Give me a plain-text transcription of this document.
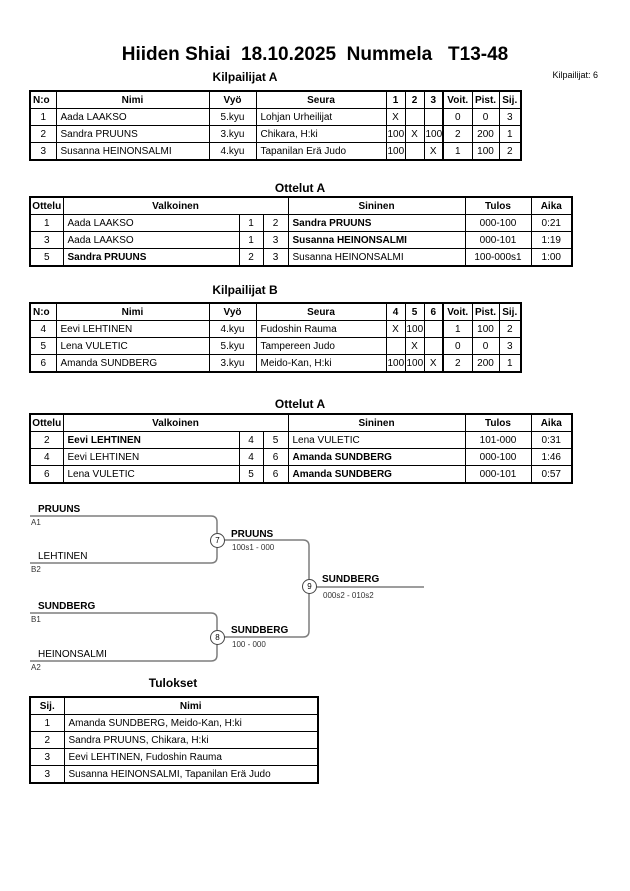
Hiiden Shiai  18.10.2025  Nummela   T13-48
Kilpailijat A	Kilpailijat: 6
N:o	Nimi	Vyö	Seura	1	2	3	Voit.	Pist.	Sij.
1	Aada LAAKSO	5.kyu	Lohjan Urheilijat	X			0	0	3
2	Sandra PRUUNS	3.kyu	Chikara, H:ki	100	X	100	2	200	1
3	Susanna HEINONSALMI	4.kyu	Tapanilan Erä Judo	100		X	1	100	2
Ottelut A
Ottelu	Valkoinen			Sininen	Tulos	Aika
1	Aada LAAKSO	1	2	Sandra PRUUNS	000-100	0:21
3	Aada LAAKSO	1	3	Susanna HEINONSALMI	000-101	1:19
5	Sandra PRUUNS	2	3	Susanna HEINONSALMI	100-000s1	1:00
Kilpailijat B
N:o	Nimi	Vyö	Seura	4	5	6	Voit.	Pist.	Sij.
4	Eevi LEHTINEN	4.kyu	Fudoshin Rauma	X	100		1	100	2
5	Lena VULETIC	5.kyu	Tampereen Judo		X		0	0	3
6	Amanda SUNDBERG	3.kyu	Meido-Kan, H:ki	100	100	X	2	200	1
Ottelut A
Ottelu	Valkoinen			Sininen	Tulos	Aika
2	Eevi LEHTINEN	4	5	Lena VULETIC	101-000	0:31
4	Eevi LEHTINEN	4	6	Amanda SUNDBERG	000-100	1:46
6	Lena VULETIC	5	6	Amanda SUNDBERG	000-101	0:57
PRUUNS
A1
LEHTINEN
B2
SUNDBERG
B1
HEINONSALMI
A2
7
PRUUNS
100s1 - 000
8
SUNDBERG
100 - 000
9
SUNDBERG
000s2 - 010s2
Tulokset
Sij.	Nimi
1	Amanda SUNDBERG, Meido-Kan, H:ki
2	Sandra PRUUNS, Chikara, H:ki
3	Eevi LEHTINEN, Fudoshin Rauma
3	Susanna HEINONSALMI, Tapanilan Erä Judo
